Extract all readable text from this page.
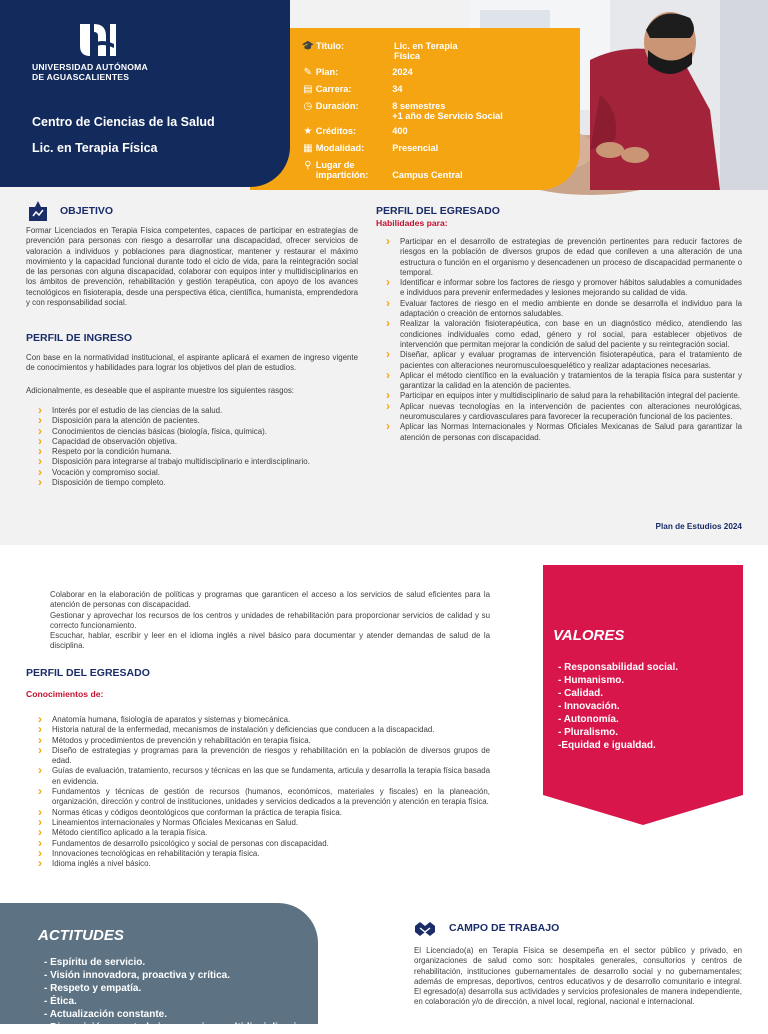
UNIVERSIDAD AUTÓNOMA
DE AGUASCALIENTES
Centro de Ciencias de la Salud
Lic. en Terapia Física
🎓 Título:	Lic. en Terapia Física
✎ Plan:	2024
▤ Carrera:	34
◷ Duración:	8 semestres
+1 año de Servicio Social
★ Créditos:	400
▦ Modalidad:	Presencial
⚲ Lugar de impartición:	Campus Central
OBJETIVO
Formar Licenciados en Terapia Física competentes, capaces de participar en estrategias de prevención para personas con riesgo a desarrollar una discapacidad, ofrecer servicios de valoración a individuos y poblaciones para diagnosticar, mantener y restaurar el máximo movimiento y la capacidad funcional durante todo el ciclo de vida, para la reintegración social de las personas con alguna discapacidad, colaborar con equipos inter y multidisciplinarios en los ámbitos de prevención, rehabilitación y gestión terapéutica, con apoyo de los avances tecnológicos en fisioterapia, desde una perspectiva ética, científica, humanista, emprendedora y con responsabilidad social.
PERFIL DE INGRESO
Con base en la normatividad institucional, el aspirante aplicará el examen de ingreso vigente de conocimientos y habilidades para lograr los objetivos del plan de estudios.
Adicionalmente, es deseable que el aspirante muestre los siguientes rasgos:
› Interés por el estudio de las ciencias de la salud.
› Disposición para la atención de pacientes.
› Conocimientos de ciencias básicas (biología, física, química).
› Capacidad de observación objetiva.
› Respeto por la condición humana.
› Disposición para integrarse al trabajo multidisciplinario e interdisciplinario.
› Vocación y compromiso social.
› Disposición de tiempo completo.
PERFIL DEL EGRESADO
Habilidades para:
› Participar en el desarrollo de estrategias de prevención pertinentes para reducir factores de riesgos en la población de diversos grupos de edad que conlleven a una alteración de una estructura o función en el organismo y desencadenen un proceso de discapacidad permanente o temporal.
› Identificar e informar sobre los factores de riesgo y promover hábitos saludables a comunidades e individuos para prevenir enfermedades y lesiones mejorando su calidad de vida.
› Evaluar factores de riesgo en el medio ambiente en donde se desarrolla el individuo para la adaptación o creación de entornos saludables.
› Realizar la valoración fisioterapéutica, con base en un diagnóstico médico, atendiendo las condiciones individuales como edad, género y rol social, para establecer objetivos de intervención que permitan mejorar la condición de salud del paciente y su reintegración social.
› Diseñar, aplicar y evaluar programas de intervención fisioterapéutica, para el tratamiento de pacientes con alteraciones neuromusculoesquelético y realizar adaptaciones necesarias.
› Aplicar el método científico en la evaluación y tratamientos de la terapia física para sustentar y garantizar la calidad en la atención de pacientes.
› Participar en equipos inter y multidisciplinario de salud para la rehabilitación integral del paciente.
› Aplicar nuevas tecnologías en la intervención de pacientes con alteraciones neurológicas, neuromusculares y cardiovasculares para favorecer la recuperación funcional de los pacientes.
› Aplicar las Normas Internacionales y Normas Oficiales Mexicanas de Salud para garantizar la atención de personas con discapacidad.
Plan de Estudios 2024
Colaborar en la elaboración de políticas y programas que garanticen el acceso a los servicios de salud eficientes para la atención de personas con discapacidad.
Gestionar y aprovechar los recursos de los centros y unidades de rehabilitación para proporcionar servicios de calidad y su correcto funcionamiento.
Escuchar, hablar, escribir y leer en el idioma inglés a nivel básico para documentar y atender demandas de salud de la disciplina.
PERFIL DEL EGRESADO
Conocimientos de:
› Anatomía humana, fisiología de aparatos y sistemas y biomecánica.
› Historia natural de la enfermedad, mecanismos de instalación y deficiencias que conducen a la discapacidad.
› Métodos y procedimientos de prevención y rehabilitación en terapia física.
› Diseño de estrategias y programas para la prevención de riesgos y rehabilitación en la población de diversos grupos de edad.
› Guías de evaluación, tratamiento, recursos y técnicas en las que se fundamenta, articula y desarrolla la terapia física basada en evidencia.
› Fundamentos y técnicas de gestión de recursos (humanos, económicos, materiales y fiscales) en la planeación, organización, dirección y control de instituciones, unidades y servicios dedicados a la prevención y atención en terapia física.
› Normas éticas y códigos deontológicos que conforman la práctica de terapia física.
› Lineamientos internacionales y Normas Oficiales Mexicanas en Salud.
› Método científico aplicado a la terapia física.
› Fundamentos de desarrollo psicológico y social de personas con discapacidad.
› Innovaciones tecnológicas en rehabilitación y terapia física.
› Idioma inglés a nivel básico.
VALORES
- Responsabilidad social.
- Humanismo.
- Calidad.
- Innovación.
- Autonomía.
- Pluralismo.
-Equidad e igualdad.
ACTITUDES
- Espíritu de servicio.
- Visión innovadora, proactiva y crítica.
- Respeto y empatía.
- Ética.
- Actualización constante.
- Disposición para trabajo en equipo multidisciplinario
CAMPO DE TRABAJO
El Licenciado(a) en Terapia Física se desempeña en el sector público y privado, en organizaciones de salud como son: hospitales generales, consultorios y centros de rehabilitación, instituciones gubernamentales de desarrollo social y no gubernamentales; además de empresas, deportivos, centros educativos y de desarrollo comunitario e integral. El egresado(a) desarrolla sus actividades y servicios profesionales de manera independiente, en colaboración y/o de dirección, a nivel local, regional, nacional e internacional.
